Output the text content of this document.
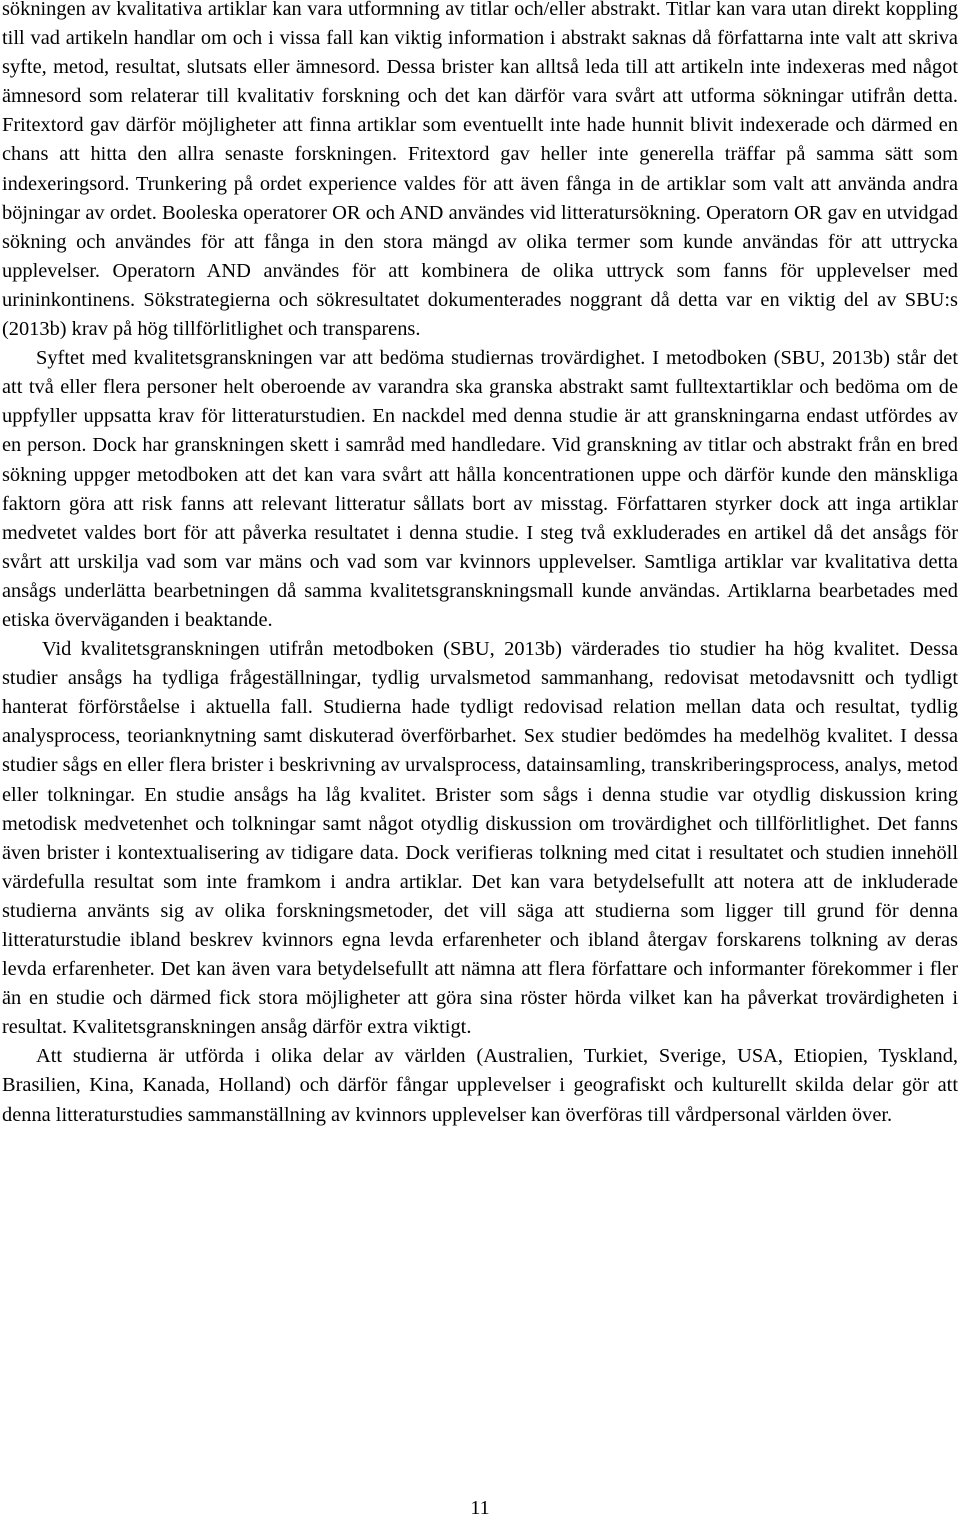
sökningen av kvalitativa artiklar kan vara utformning av titlar och/eller abstrakt. Titlar kan vara utan direkt koppling till vad artikeln handlar om och i vissa fall kan viktig information i abstrakt saknas då författarna inte valt att skriva syfte, metod, resultat, slutsats eller ämnesord. Dessa brister kan alltså leda till att artikeln inte indexeras med något ämnesord som relaterar till kvalitativ forskning och det kan därför vara svårt att utforma sökningar utifrån detta. Fritextord gav därför möjligheter att finna artiklar som eventuellt inte hade hunnit blivit indexerade och därmed en chans att hitta den allra senaste forskningen. Fritextord gav heller inte generella träffar på samma sätt som indexeringsord. Trunkering på ordet experience valdes för att även fånga in de artiklar som valt att använda andra böjningar av ordet. Booleska operatorer OR och AND användes vid litteratursökning. Operatorn OR gav en utvidgad sökning och användes för att fånga in den stora mängd av olika termer som kunde användas för att uttrycka upplevelser. Operatorn AND användes för att kombinera de olika uttryck som fanns för upplevelser med urininkontinens. Sökstrategierna och sökresultatet dokumenterades noggrant då detta var en viktig del av SBU:s (2013b) krav på hög tillförlitlighet och transparens.

Syftet med kvalitetsgranskningen var att bedöma studiernas trovärdighet. I metodboken (SBU, 2013b) står det att två eller flera personer helt oberoende av varandra ska granska abstrakt samt fulltextartiklar och bedöma om de uppfyller uppsatta krav för litteraturstudien. En nackdel med denna studie är att granskningarna endast utfördes av en person. Dock har granskningen skett i samråd med handledare. Vid granskning av titlar och abstrakt från en bred sökning uppger metodboken att det kan vara svårt att hålla koncentrationen uppe och därför kunde den mänskliga faktorn göra att risk fanns att relevant litteratur sållats bort av misstag. Författaren styrker dock att inga artiklar medvetet valdes bort för att påverka resultatet i denna studie. I steg två exkluderades en artikel då det ansågs för svårt att urskilja vad som var mäns och vad som var kvinnors upplevelser. Samtliga artiklar var kvalitativa detta ansågs underlätta bearbetningen då samma kvalitetsgranskningsmall kunde användas. Artiklarna bearbetades med etiska överväganden i beaktande.

Vid kvalitetsgranskningen utifrån metodboken (SBU, 2013b) värderades tio studier ha hög kvalitet. Dessa studier ansågs ha tydliga frågeställningar, tydlig urvalsmetod sammanhang, redovisat metodavsnitt och tydligt hanterat förförståelse i aktuella fall. Studierna hade tydligt redovisad relation mellan data och resultat, tydlig analysprocess, teorianknytning samt diskuterad överförbarhet. Sex studier bedömdes ha medelhög kvalitet. I dessa studier sågs en eller flera brister i beskrivning av urvalsprocess, datainsamling, transkriberingsprocess, analys, metod eller tolkningar. En studie ansågs ha låg kvalitet. Brister som sågs i denna studie var otydlig diskussion kring metodisk medvetenhet och tolkningar samt något otydlig diskussion om trovärdighet och tillförlitlighet. Det fanns även brister i kontextualisering av tidigare data. Dock verifieras tolkning med citat i resultatet och studien innehöll värdefulla resultat som inte framkom i andra artiklar. Det kan vara betydelsefullt att notera att de inkluderade studierna använts sig av olika forskningsmetoder, det vill säga att studierna som ligger till grund för denna litteraturstudie ibland beskrev kvinnors egna levda erfarenheter och ibland återgav forskarens tolkning av deras levda erfarenheter. Det kan även vara betydelsefullt att nämna att flera författare och informanter förekommer i fler än en studie och därmed fick stora möjligheter att göra sina röster hörda vilket kan ha påverkat trovärdigheten i resultat. Kvalitetsgranskningen ansåg därför extra viktigt.

Att studierna är utförda i olika delar av världen (Australien, Turkiet, Sverige, USA, Etiopien, Tyskland, Brasilien, Kina, Kanada, Holland) och därför fångar upplevelser i geografiskt och kulturellt skilda delar gör att denna litteraturstudies sammanställning av kvinnors upplevelser kan överföras till vårdpersonal världen över.

11
